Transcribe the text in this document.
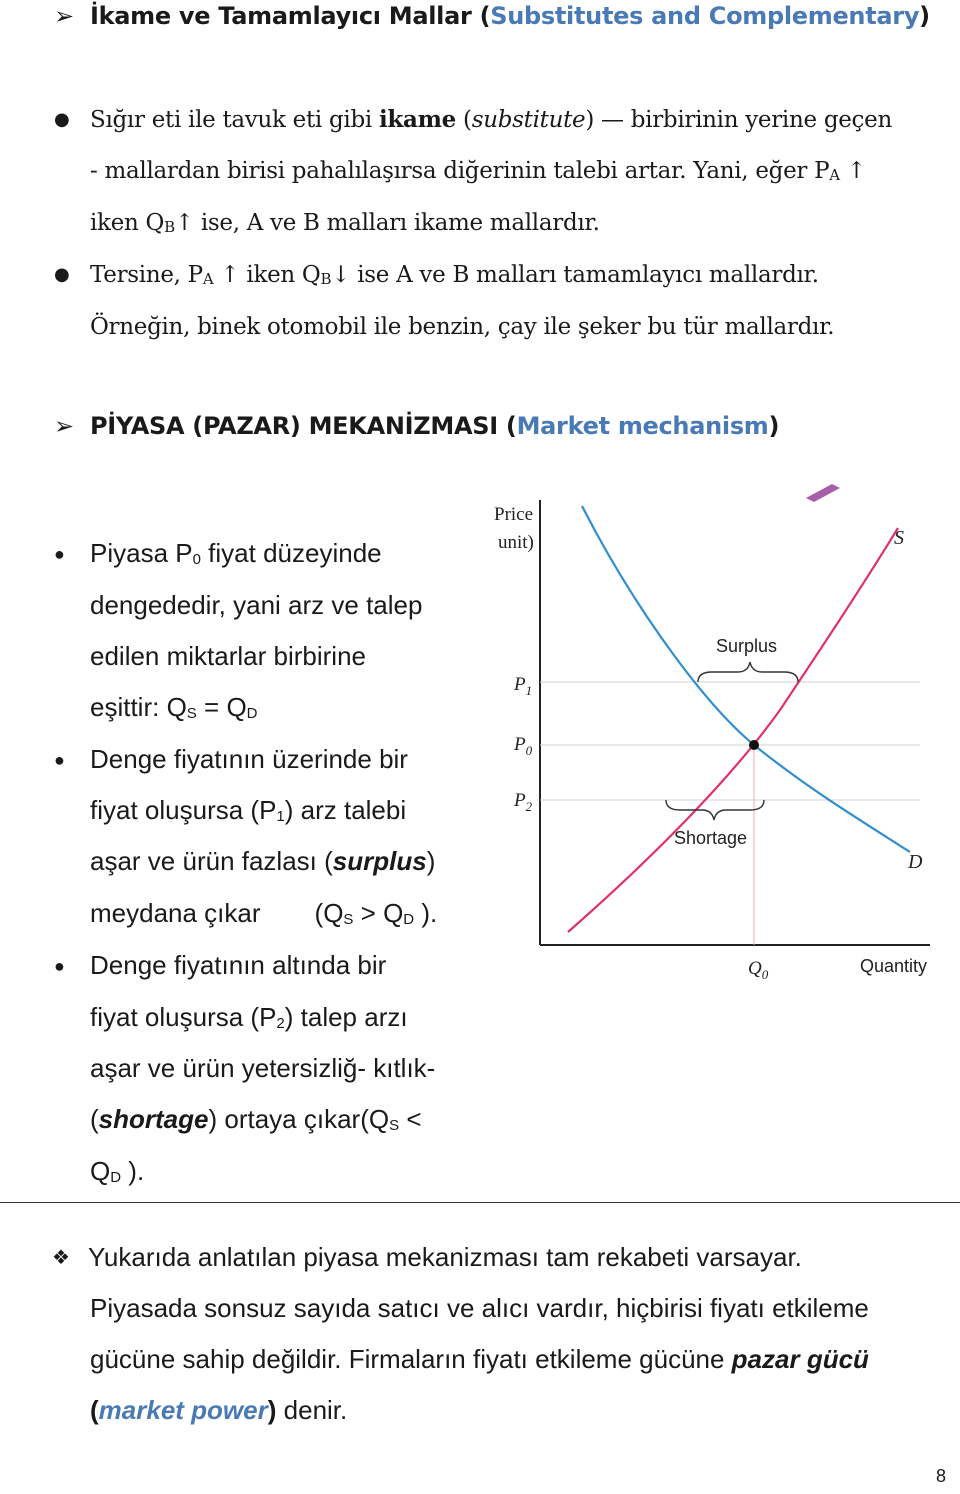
➢ İkame ve Tamamlayıcı Mallar (Substitutes and Complementary)
● Sığır eti ile tavuk eti gibi ikame (substitute) — birbirinin yerine geçen
- mallardan birisi pahalılaşırsa diğerinin talebi artar. Yani, eğer $P_A$ ↑
iken $Q_B↑$ ise, A ve B malları ikame mallardır.
● Tersine, $P_A$ ↑ iken $Q_B↓$ ise A ve B malları tamamlayıcı mallardır.
Örneğin, binek otomobil ile benzin, çay ile şeker bu tür mallardır.
➢ PİYASA (PAZAR) MEKANİZMASI (Market mechanism)
● Piyasa $P_0$ fiyat düzeyinde
dengededir, yani arz ve talep
edilen miktarlar birbirine
eşittir: $Q_S = Q_D$
● Denge fiyatının üzerinde bir
fiyat oluşursa $(P_1)$ arz talebi
aşar ve ürün fazlası (surplus)
meydana çıkar ($Q_S > Q_D$ ).
● Denge fiyatının altında bir
fiyat oluşursa $(P_2)$ talep arzı
aşar ve ürün yetersizliğ- kıtlık-
(shortage) ortaya $çıkar(Q_S$ <
$Q_D$ ).
Price
unit)	S
D
Surplus
Shortage
$P_1$
$P_0$
$P_2$
$Q_0$	Quantity
❖ Yukarıda anlatılan piyasa mekanizması tam rekabeti varsayar.
Piyasada sonsuz sayıda satıcı ve alıcı vardır, hiçbirisi fiyatı etkileme
gücüne sahip değildir. Firmaların fiyatı etkileme gücüne pazar gücü
(market power) denir.
8
